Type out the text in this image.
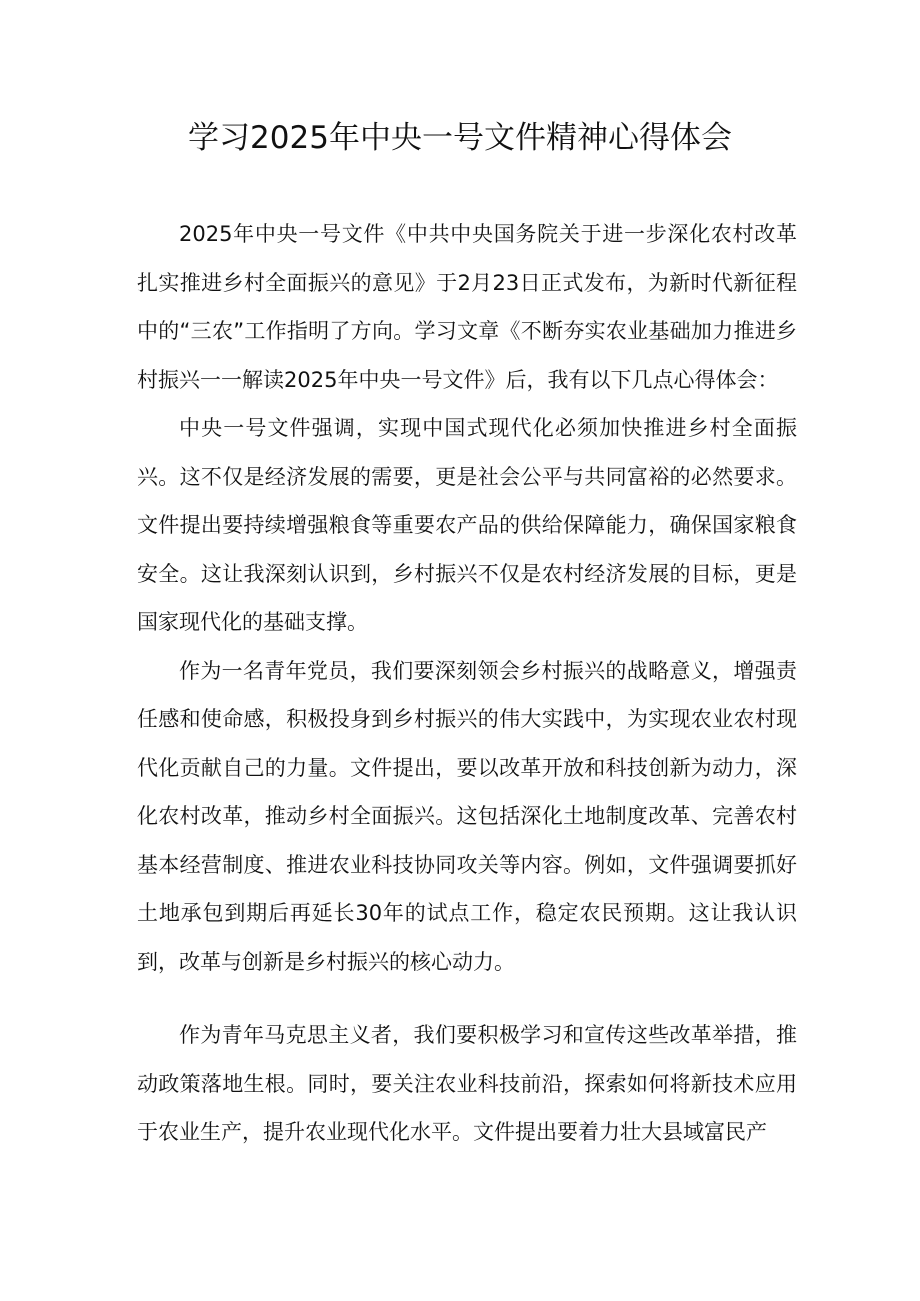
学习2025年中央一号文件精神心得体会

2025年中央一号文件《中共中央国务院关于进一步深化农村改革扎实推进乡村全面振兴的意见》于2月23日正式发布，为新时代新征程中的“三农”工作指明了方向。学习文章《不断夯实农业基础加力推进乡村振兴一一解读2025年中央一号文件》后，我有以下几点心得体会：

中央一号文件强调，实现中国式现代化必须加快推进乡村全面振兴。这不仅是经济发展的需要，更是社会公平与共同富裕的必然要求。文件提出要持续增强粮食等重要农产品的供给保障能力，确保国家粮食安全。这让我深刻认识到，乡村振兴不仅是农村经济发展的目标，更是国家现代化的基础支撑。

作为一名青年党员，我们要深刻领会乡村振兴的战略意义，增强责任感和使命感，积极投身到乡村振兴的伟大实践中，为实现农业农村现代化贡献自己的力量。文件提出，要以改革开放和科技创新为动力，深化农村改革，推动乡村全面振兴。这包括深化土地制度改革、完善农村基本经营制度、推进农业科技协同攻关等内容。例如，文件强调要抓好土地承包到期后再延长30年的试点工作，稳定农民预期。这让我认识到，改革与创新是乡村振兴的核心动力。

作为青年马克思主义者，我们要积极学习和宣传这些改革举措，推动政策落地生根。同时，要关注农业科技前沿，探索如何将新技术应用于农业生产，提升农业现代化水平。文件提出要着力壮大县域富民产
